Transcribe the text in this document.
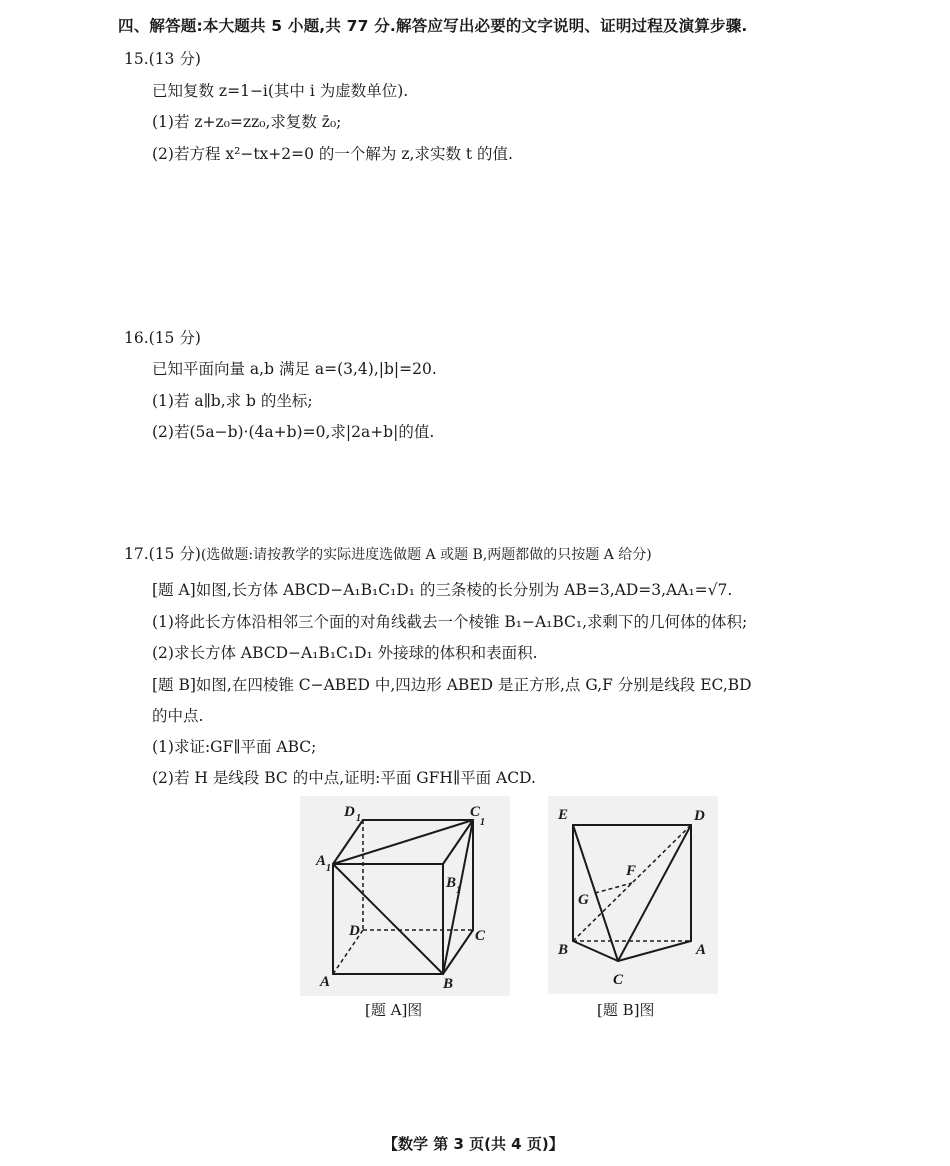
四、解答题:本大题共 5 小题,共 77 分.解答应写出必要的文字说明、证明过程及演算步骤.
15.(13 分)
已知复数 z=1−i(其中 i 为虚数单位).
(1)若 z+z₀=zz₀,求复数 z̄₀;
(2)若方程 x²−tx+2=0 的一个解为 z,求实数 t 的值.
16.(15 分)
已知平面向量 a,b 满足 a=(3,4),|b|=20.
(1)若 a∥b,求 b 的坐标;
(2)若(5a−b)·(4a+b)=0,求|2a+b|的值.
17.(15 分)(选做题:请按教学的实际进度选做题 A 或题 B,两题都做的只按题 A 给分)
[题 A]如图,长方体 ABCD−A₁B₁C₁D₁ 的三条棱的长分别为 AB=3,AD=3,AA₁=√7.
(1)将此长方体沿相邻三个面的对角线截去一个棱锥 B₁−A₁BC₁,求剩下的几何体的体积;
(2)求长方体 ABCD−A₁B₁C₁D₁ 外接球的体积和表面积.
[题 B]如图,在四棱锥 C−ABED 中,四边形 ABED 是正方形,点 G,F 分别是线段 EC,BD
的中点.
(1)求证:GF∥平面 ABC;
(2)若 H 是线段 BC 的中点,证明:平面 GFH∥平面 ACD.
D 1	C
1
A 1
B 1
D	C
A	B
[题 A]图
E	D
F
G
B	A
C
[题 B]图
【数学 第 3 页(共 4 页)】
